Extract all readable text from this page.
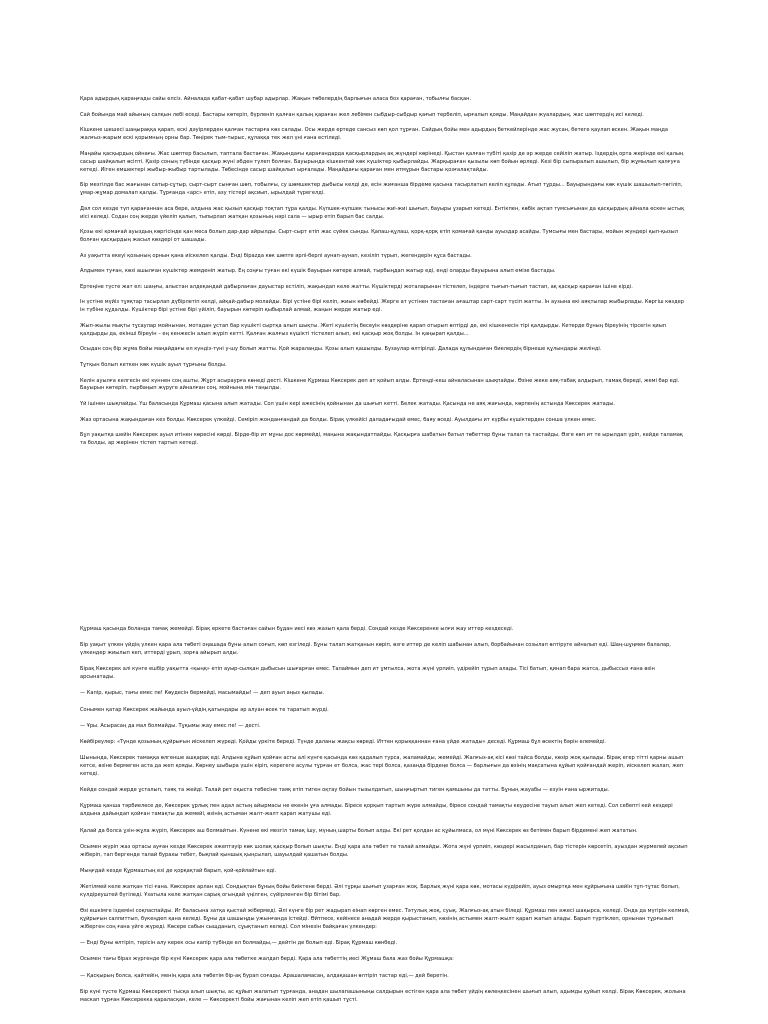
Қара адырдың қараңғады сайы елсіз. Айналада қабат-қабат шубар адырлар. Жақын төбелердің барлығын аласа боз қараған, тобылғы басқан.

Сай бойында май айының салқын лебі еседі. Бастары көтеріп, бүрленіп қалған қалың қараған жел лебімен сыбдыр-сыбдыр қағып тербеліп, ырғалып қояды. Маңайдан жуалардың, жас шөптердің исі келеді.

Кішкене шешесі шаңыраққа қарап, ескі дәуірлерден қалған тастарға көз салады. Осы жерде ертеде сансыз көп қол тұрған. Сайдың бойы мен адырдың беткейлерінде жас жусан, бетеге қаулап өскен. Жақын маңда жалғыз-жарым ескі қорымның орны бар. Төңірек тым-тырыс, құлаққа тек жел үні ғана естіледі.

Маңайы қасқырдың ойнағы. Жас шөптер басылып, таптала бастаған. Жақындағы қарағандарда қасқырлардың ақ жүндері көрінеді. Қыстан қалған түбіті қазір де әр жерде сейіліп жатыр. Іздердің орта жерінде екі қалың сасыр шайқалып өсіпті. Қазір соның түбінде қасқыр жүні әбден түлеп болған. Бауырында кішкентай көк күшіктер қыбырлайды. Жарқыраған қызылы көп бойын өрледі. Кезі бір сыпыралып ашылып, бір жұмылып қалғуға кетеді. Иіген емшектері жыбыр-жыбыр тартылады. Төбесінде сасыр шайқалып ырғалады. Маңайдағы қараған мен итмұрын бастары қозғалақтайды.

Бір мезгілде бас жағынан сатыр-сұтыр, сырт-сырт сынған шөп, тобылғы, су шөмшектер дыбысы келді де, есін жиғанша бірдеме қасына тасырлатып келіп құлады. Атып тұрды... Бауырындағы көк күшік шашылып-төгіліп, ұмар-жұмар домалап қалды. Тұрғанда «арс» етіп, азу тістері ақсиып, ырылдай түрегелді.

Дәл сол кезде түп қарағаннан аса берe, алдына жас қызыл қасқыр тоқтап тұра қалды. Күпшек-күпшек тынысы жиі-жиі шығып, бауыры ұзарып кетеді. Ентікпен, көбік ақтап түмсығынан да қасқырдың айнала ескен ыстық иісі келеді. Содан соң жерде үйеліп қалып, тыпырлап жатқан қозының нәрі сала — ырыр етіп барып бас салды.

Қозы екі қомағай ауыздың көргісінде қан меса болып дар-дар айрылды. Сырт-сырт етіп жас сүйек сынды. Қапаш-құлаш, қорқ-қорқ етіп қомағай қанды ауыздар асайды. Тумсығы мен бастары, мойын жүндері қып-қызыл болған қасқырдың жасыл көздері от шашады.

Аз уақытта екеуі қозының орнын қана иіскелеп қалды. Енді бірazда көк шөпте әрлі-берлі аунап-аунап, кезіліп түрып, жегендерін құса бастады.

Алдымен туған, көзі ашылған күшіктер жемденіп жатыр. Ең соңғы туған екі күшік бауырын көтере алмай, тырбыңдап жатыр еді, енді оларды бауырына алып емізе бастады.

Ертеңіне түсте жат ел: шаңғы, алыстан алдеқандай дабырлаған дауыстар естіліп, жақындап келе жатты. Күшіктерді жоталарынан тістелеп, індерге тығып-тығып тастап, ақ қасқыр қараған ішіне кірді.

Ін үстіне мүйіз тұяқтар тасырлап дүбірлетіп келді, айқай-дабыр молайды. Бірі үстіне бірі келіп, жиын көбейді. Жерге ат үстінен тастаған ағаштар сарт-сарт түсіп жатты. Ін аузына екі аяқтылар жыбырлады. Көргіш көздер ін түбіне құдалды. Күшіктер бірі үстіне бірі үйіліп, бауырын көтеріп қыбырлай алмай, жаңын жерде жатыр еді.

Жып-жылы мықты тұсаулар мойнынан, мотадан ұстап бар күшіктi сыртқа алып шықты. Жеті күшіктің бесеуін көздеріне қарап отырып өлтірді де, екі кішкенесін тірі қалдырды. Кетерде бұның біреуінің тірсегін қиып қалдырды да, екіншi біреуін – ең кенжесін алып жүріп кетті. Қалған жалғыз күшікті тістелеп алып, екі қасқыр жоқ болды. Ін қаңырап қалды...

Осыдан соң бір жұма бойы маңайдағы ел күндіз-түні у-шу болып жатты. Қой жараланды. Қозы алып қашылды. Бузаулар өлтірілді. Далада құлындаған биелердің бірнеше құлындары желінді.

Тұтқын болып кеткен көк күшік ауыл тұрғыны болды.

Келін ауылға келгесін екі күннен соң ашты. Жұрт асыраурға көнеді десті. Кішкене Құрмаш Көксерек деп ат қойып алды. Ертеңді-кеш айналасынан шықпайды. Өзіне жеке аяқ-табақ алдырып, тамақ береді, жемі бар еді. Бауырын көтеріп, тырбаңып жүруге айналған соң, мойнына мін таңылды.

Үй ішінен шықпайды. Үш баласында Құрмаш қасына алып жатады. Сол үшін кері ажесінің қойнынан да шығып кетті. Белек жатады. Қасында не аяқ жағында, көрпенің астында Көксерек жатады.

Жаз ортасына жақындаған кез болды. Көксерек үлкейді. Семіріп жонданғандай да болды. Бірақ үлкейісі дaладағыдай емес, баяу өседі. Ауылдағы ит күрбы күшіктерден сонша үлкен емес.

Бұл уақытқа шейін Көксерек ауыл итінен көресіні көрді. Бірде-бір ит мұны дос көрмейді, маңына жақындатпайды. Қасқырға шабатын батыл төбеттер бұны талап та тастайды. Өзге көп ит те ырылдап үріп, кейде таламақ та болды, ар жерінен тістеп тартып кетеді.

Құрмаш қасында боланда тамақ жемейді. Бірақ еркете бастаған сайын бұдан иесі көз жазып қала берді. Сондай кезде Көксеренке ылғи жау иттер кездеседі.

Бір уақыт үлкен үйдің үлкен қара ала төбеті оңашада бұны алып соғып, көп езгіледі. Бұны талап жатқанын көріп, өзге иттер де келіп шабынан алып, борбайынан созылап өлтіруге айналып еді. Шаң-шұңмен балалар, үлкендер жиылып кеп, иттерді ұрып, зорға айырып алды.

Бірақ Көксерек алі күнге ешбір уақытта «қыңқ» етіп ауыр-сылқан дыбысын шығарған емес. Талаймын деп ит ұмтылса, жота жүні үрпиіп, үдірейіп тұрып алады. Тісі батып, қинап бара жатса, дыбыссыз ғана өзін арсынатады.

— Капір, қырыс, тағы емес пе! Көудесін бермейді, масымайды! — деп ауыл аңыз қылады.

Сонымен қатар Көксерек жайында ауыл-үйдің қатындары әр алуан өсек те таратып жүрді.

— Ұры. Асырасаң да мал болмайды. Тұқымы жау емес пе! — десті.

Көйбіреулер: «Түнде қозының құйрығын иіскелеп жүреді. Қойды үркіте береді. Түнде даланы жақсы көреді. Иттен қорыққаннан ғана үйде жатады» деседі. Құрмаш бұл өсектің бәрін елемейді.

Шынында, Көксерек тамаққа өлгенше ашқарақ еді. Алдына құйып қойған асты алі күнге қасында көз қадалып турса, жаламайды, жемейді. Жалғыз-ақ кісі көзі тайса болды, көзір жоқ қылады. Бірақ егер тiтті қарны ашып кетсе, өзіне бермеген аста да жеп қояды. Көрнеу шыбыра үшін кіріп, кеpегеге асулы тұрған ет болса, жас тері болса, қазанда бірдеңе болса — барлығын да өзінің мақсатына құйып қойғандай жеріп, иіскелеп жалап, жеп кетеді.

Кейде сондай жерде ұсталып, таяқ та жейді. Талай рет оқыста тебесіне таяқ етіп тиген оқтау бойын тызылдатып, шыңғыртып тиген қамшыны да татты. Бұның жауабы — езуін ғана ыржитады.

Құрмаш қанша тәрбиелесе де, Көксерек ұрлық пен адал астың айырмасы не екенін ұға алмады. Біресе қорқып тартып жүре алмайды, біресе сондай тамақты кеудесіне тауып алып жеп кетеді. Сол себептi кей кездері алдына дайындап қойған тамақты да жемейі, өзінің астыман жалт-жалт қарап жатушы еді.

Қалай да болса ұзін-жұла жүріп, Көксерек аш болмайтын. Күнене екі мезгіл тамақ ішу, мүның шарты болып алды. Екі рет қолдан ас құйылмаса, ол мүнi Көксерек өз бетімен барып бірдеменi жеп жататын.

Осымен жүріп жаз ортасы ауған кезде Көксерек әжептәуір көк шолақ қасқыр болып шықты. Енді қара ала төбет те талай алмайды. Жота жүні үрпиіп, көздері жасылданып, бар тістерін көрсетіп, ауыздан жүрмелей ақсиып жіберіп, тап бергенде талай бурахы тебет, бықпай қыншық қыңсылап, шауылдай қашатын болды.

Мыңғдай кезде Құрмаштың езі де қорқақтай барып, қой-қойлайтын еді.

Жетілмей келе жатқан тісі ғана. Көксерек арлан еді. Сондықтан бұның бойы биіктене берді. Әлі тұрқы шығып ұзарған жоқ. Барлық жүні қара көк, мотасы күдірейіп, ауыз омыртқа мен құйрығына шейін тұп-тұтас болып, күлдіреуштей бүгіледі. Ұзатыла келе жатқан сарық огындай үңілген, сүйірленген бір бітімі бар.

Өзі ешкімге іздеміні соқпаспайды. Иг баласына затқа қыстай жібермеді. Әлі күнге бір рет жадырап еінап көрген емес. Тәтулық жоқ, суық. Жалғыз-ақ атын біледі. Құрмаш пен әжесі шақырса, келеді. Онда да мүгірін келмей, құйрығын салпиттып, бүкеңдеп қана келеді. Бұны да шашыңды ужынғанда істейді. Өйтпесе, кейінесе анадай жерде қырыстанып, көзінің астымен жалт-жылт қарап жатып алады. Барып түртіклеп, орнынан тұрғызып жіберген соң ғана үйге жүреді. Көсере сабын сыщданып, сұықтанып келеді. Сол мінезін байқаған үлкендер:

— Енді бұны өлтіріп, терісін алу керек осы капір түбінде ел болмайды,— дейтін де болып еді. Бірақ Құрмаш көнбеді.

Осымен тағы біраз жүргенде бір күні Көксерек қара ала төбетке жалдап берді. Қара ала төбеттің иесі Жұмаш бала жаз бойы Құрмашқа:

— Қасқырың болса, қайтейін, менің қара ала төбетім бір-ақ бурап соғады. Арашаламасаң, алдақашан өлтіріп тастар еді,— дей беретін.

Бір күні түсте Құрмаш Көксеректі тысқа алып шықты, ас құйып жалатып тұрғанда, анадан шылапашыныңы салдырын естіген қара ала төбет үйдің көлеңкесінен шығып алып, адымды қуйып келді. Бірақ Көксерек, жолына маскап тұрған Көксерекка қараласқан, келе — Көксеректі бойы жағынан келіп жеп етіп қашып тұсті.
